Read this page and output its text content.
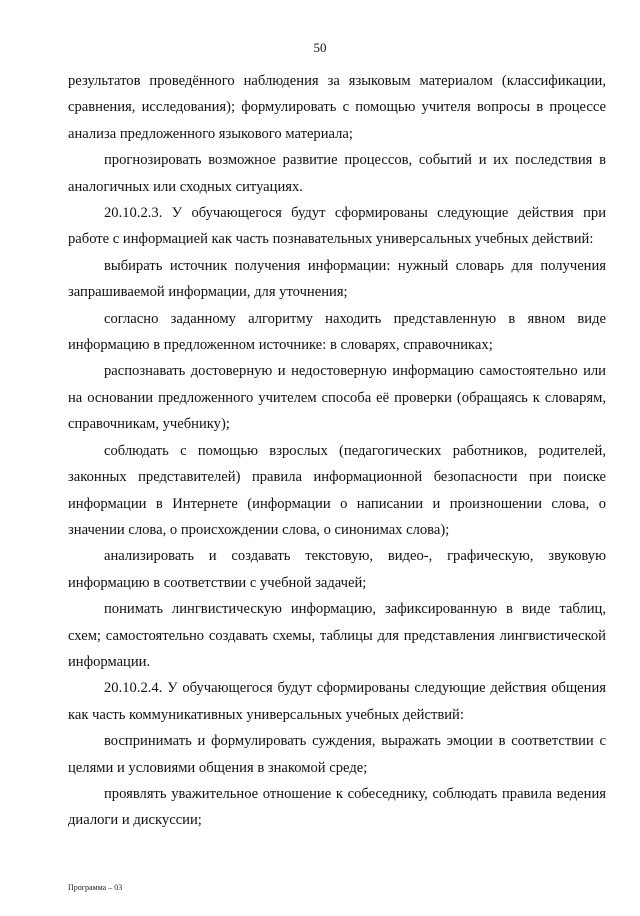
50

результатов проведённого наблюдения за языковым материалом (классификации, сравнения, исследования); формулировать с помощью учителя вопросы в процессе анализа предложенного языкового материала;

прогнозировать возможное развитие процессов, событий и их последствия в аналогичных или сходных ситуациях.

20.10.2.3. У обучающегося будут сформированы следующие действия при работе с информацией как часть познавательных универсальных учебных действий:

выбирать источник получения информации: нужный словарь для получения запрашиваемой информации, для уточнения;

согласно заданному алгоритму находить представленную в явном виде информацию в предложенном источнике: в словарях, справочниках;

распознавать достоверную и недостоверную информацию самостоятельно или на основании предложенного учителем способа её проверки (обращаясь к словарям, справочникам, учебнику);

соблюдать с помощью взрослых (педагогических работников, родителей, законных представителей) правила информационной безопасности при поиске информации в Интернете (информации о написании и произношении слова, о значении слова, о происхождении слова, о синонимах слова);

анализировать и создавать текстовую, видео-, графическую, звуковую информацию в соответствии с учебной задачей;

понимать лингвистическую информацию, зафиксированную в виде таблиц, схем; самостоятельно создавать схемы, таблицы для представления лингвистической информации.

20.10.2.4. У обучающегося будут сформированы следующие действия общения как часть коммуникативных универсальных учебных действий:

воспринимать и формулировать суждения, выражать эмоции в соответствии с целями и условиями общения в знакомой среде;

проявлять уважительное отношение к собеседнику, соблюдать правила ведения диалоги и дискуссии;

Программа – 03
